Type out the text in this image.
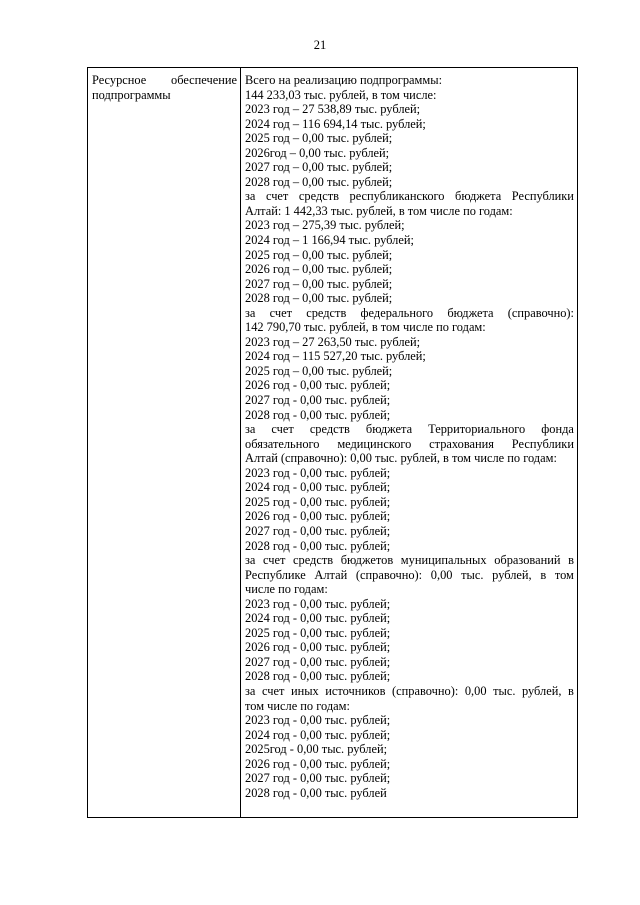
21
Ресурсное обеспечение
подпрограммы
Всего на реализацию подпрограммы:
144 233,03 тыс. рублей, в том числе:
2023 год – 27 538,89 тыс. рублей;
2024 год – 116 694,14 тыс. рублей;
2025 год – 0,00 тыс. рублей;
2026год – 0,00 тыс. рублей;
2027 год – 0,00 тыс. рублей;
2028 год – 0,00 тыс. рублей;
за счет средств республиканского бюджета Республики
Алтай: 1 442,33 тыс. рублей, в том числе по годам:
2023 год – 275,39 тыс. рублей;
2024 год – 1 166,94 тыс. рублей;
2025 год – 0,00 тыс. рублей;
2026 год – 0,00 тыс. рублей;
2027 год – 0,00 тыс. рублей;
2028 год – 0,00 тыс. рублей;
за счет средств федерального бюджета (справочно):
142 790,70 тыс. рублей, в том числе по годам:
2023 год – 27 263,50 тыс. рублей;
2024 год – 115 527,20 тыс. рублей;
2025 год – 0,00 тыс. рублей;
2026 год - 0,00 тыс. рублей;
2027 год - 0,00 тыс. рублей;
2028 год - 0,00 тыс. рублей;
за счет средств бюджета Территориального фонда
обязательного медицинского страхования Республики
Алтай (справочно): 0,00 тыс. рублей, в том числе по годам:
2023 год - 0,00 тыс. рублей;
2024 год - 0,00 тыс. рублей;
2025 год - 0,00 тыс. рублей;
2026 год - 0,00 тыс. рублей;
2027 год - 0,00 тыс. рублей;
2028 год - 0,00 тыс. рублей;
за счет средств бюджетов муниципальных образований в
Республике Алтай (справочно): 0,00 тыс. рублей, в том
числе по годам:
2023 год - 0,00 тыс. рублей;
2024 год - 0,00 тыс. рублей;
2025 год - 0,00 тыс. рублей;
2026 год - 0,00 тыс. рублей;
2027 год - 0,00 тыс. рублей;
2028 год - 0,00 тыс. рублей;
за счет иных источников (справочно): 0,00 тыс. рублей, в
том числе по годам:
2023 год - 0,00 тыс. рублей;
2024 год - 0,00 тыс. рублей;
2025год - 0,00 тыс. рублей;
2026 год - 0,00 тыс. рублей;
2027 год - 0,00 тыс. рублей;
2028 год - 0,00 тыс. рублей
